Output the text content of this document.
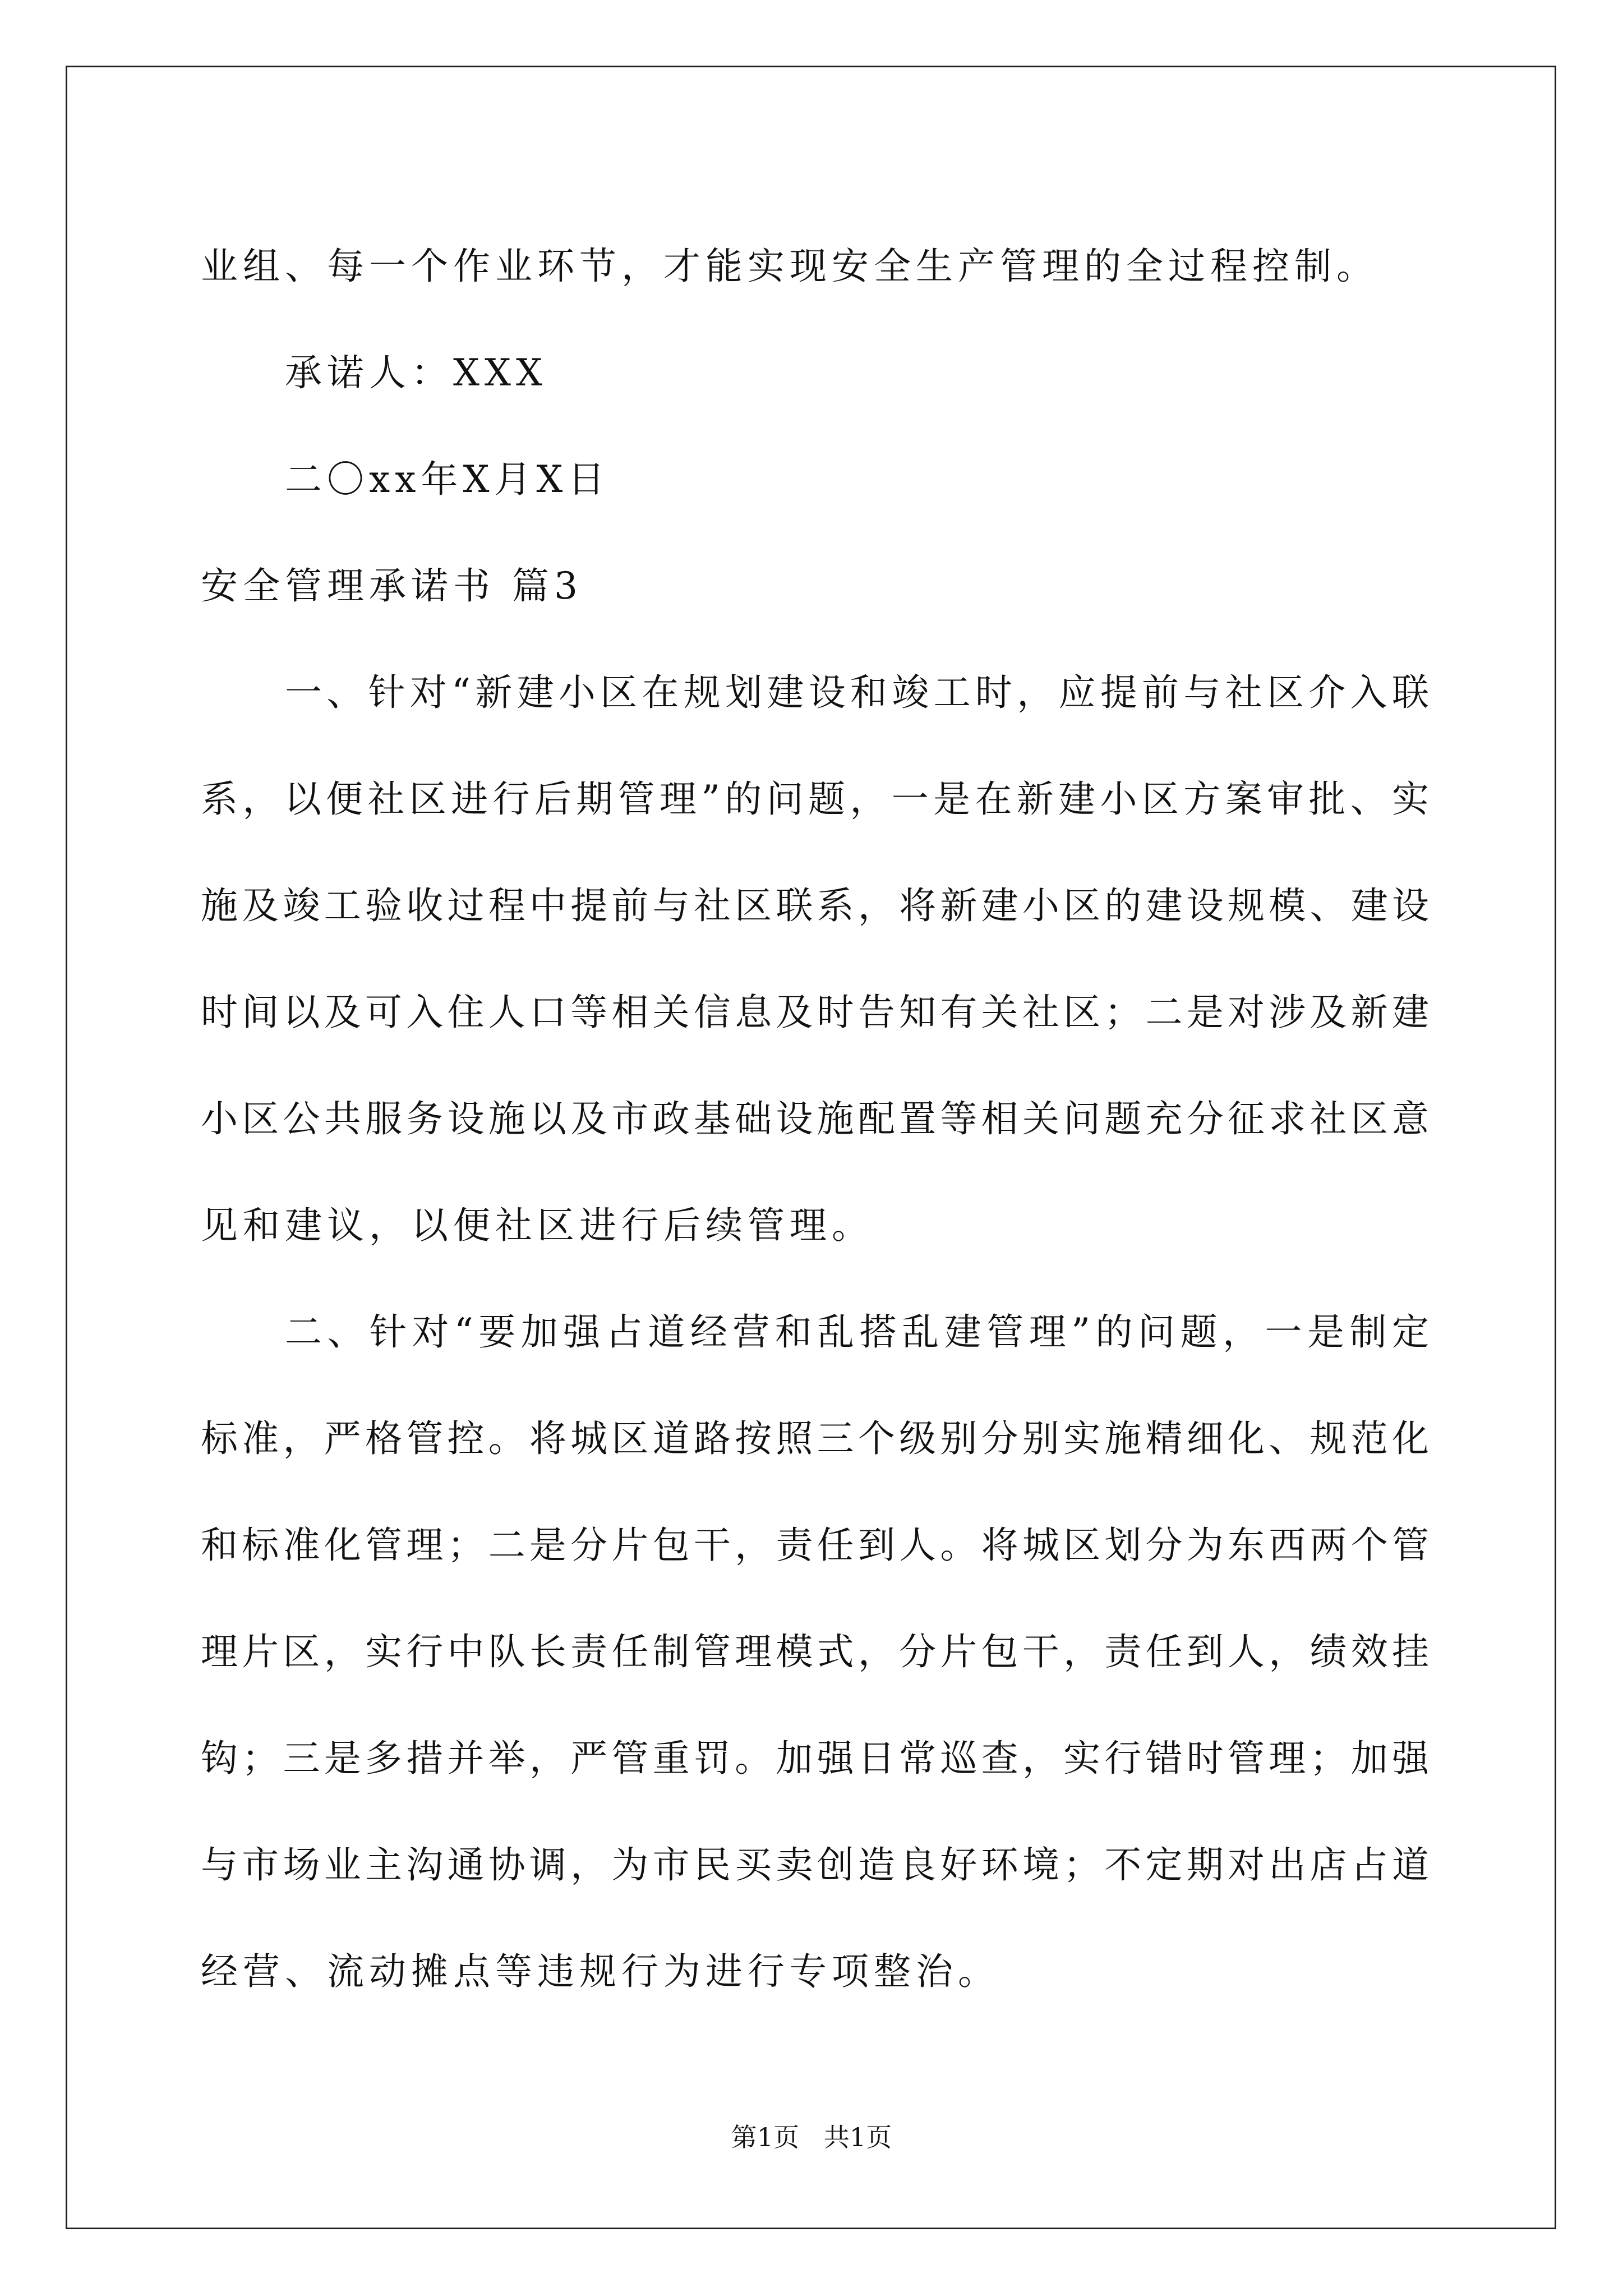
业组、每一个作业环节，才能实现安全生产管理的全过程控制。
承诺人：XXX
二〇xx年X月X日
安全管理承诺书 篇3
一、针对“新建小区在规划建设和竣工时，应提前与社区介入联
系，以便社区进行后期管理”的问题，一是在新建小区方案审批、实
施及竣工验收过程中提前与社区联系，将新建小区的建设规模、建设
时间以及可入住人口等相关信息及时告知有关社区；二是对涉及新建
小区公共服务设施以及市政基础设施配置等相关问题充分征求社区意
见和建议，以便社区进行后续管理。
二、针对“要加强占道经营和乱搭乱建管理”的问题，一是制定
标准，严格管控。将城区道路按照三个级别分别实施精细化、规范化
和标准化管理；二是分片包干，责任到人。将城区划分为东西两个管
理片区，实行中队长责任制管理模式，分片包干，责任到人，绩效挂
钩；三是多措并举，严管重罚。加强日常巡查，实行错时管理；加强
与市场业主沟通协调，为市民买卖创造良好环境；不定期对出店占道
经营、流动摊点等违规行为进行专项整治。
第1页   共1页
